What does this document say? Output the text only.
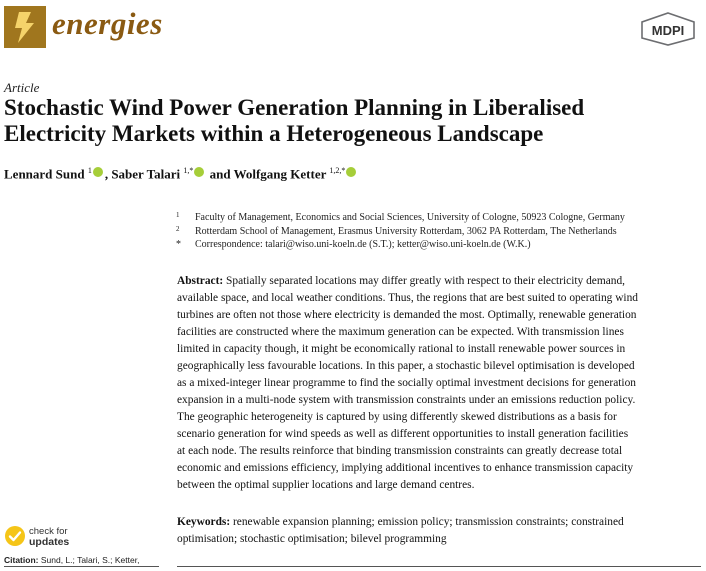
energies	MDPI
Article
Stochastic Wind Power Generation Planning in Liberalised
Electricity Markets within a Heterogeneous Landscape
Lennard Sund $^1$ , Saber Talari $^{1,*}$ and Wolfgang Ketter $^{1,2,*}$
1 Faculty of Management, Economics and Social Sciences, University of Cologne, 50923 Cologne, Germany
2 Rotterdam School of Management, Erasmus University Rotterdam, 3062 PA Rotterdam, The Netherlands
* Correspondence: talari@wiso.uni-koeln.de (S.T.); ketter@wiso.uni-koeln.de (W.K.)
Abstract: Spatially separated locations may differ greatly with respect to their electricity demand,
available space, and local weather conditions. Thus, the regions that are best suited to operating wind
turbines are often not those where electricity is demanded the most. Optimally, renewable generation
facilities are constructed where the maximum generation can be expected. With transmission lines
limited in capacity though, it might be economically rational to install renewable power sources in
geographically less favourable locations. In this paper, a stochastic bilevel optimisation is developed
as a mixed-integer linear programme to find the socially optimal investment decisions for generation
expansion in a multi-node system with transmission constraints under an emissions reduction policy.
The geographic heterogeneity is captured by using differently skewed distributions as a basis for
scenario generation for wind speeds as well as different opportunities to install generation facilities
at each node. The results reinforce that binding transmission constraints can greatly decrease total
economic and emissions efficiency, implying additional incentives to enhance transmission capacity
between the optimal supplier locations and large demand centres.
Keywords: renewable expansion planning; emission policy; transmission constraints; constrained
optimisation; stochastic optimisation; bilevel programming
check for
updates
Citation: Sund, L.; Talari, S.; Ketter,
